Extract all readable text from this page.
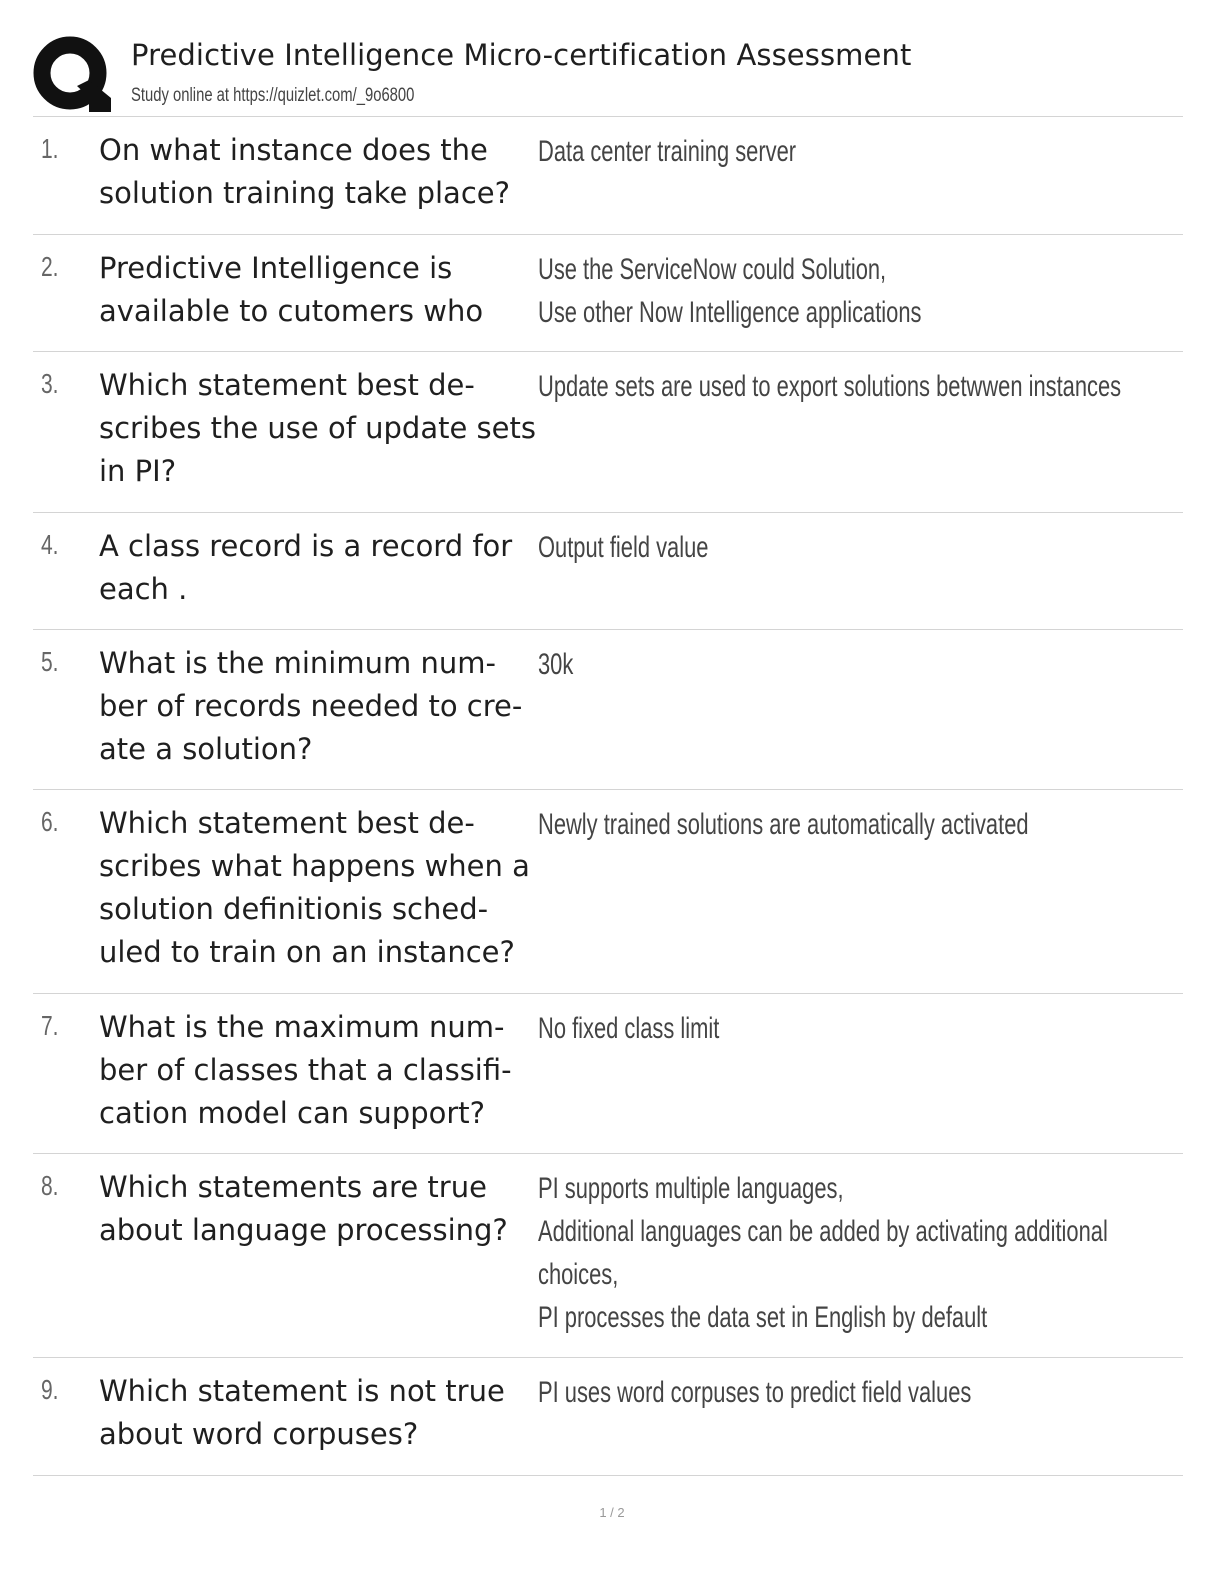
Predictive Intelligence Micro-certification Assessment
Study online at https://quizlet.com/_9o6800
1. On what instance does the solution training take place?
Data center training server
2. Predictive Intelligence is available to cutomers who
Use the ServiceNow could Solution,
Use other Now Intelligence applications
3. Which statement best de-scribes the use of update sets in PI?
Update sets are used to export solutions betwwen instances
4. A class record is a record for each .
Output field value
5. What is the minimum num-ber of records needed to cre-ate a solution?
30k
6. Which statement best de-scribes what happens when a solution definitionis sched-uled to train on an instance?
Newly trained solutions are automatically activated
7. What is the maximum num-ber of classes that a classifi-cation model can support?
No fixed class limit
8. Which statements are true about language processing?
PI supports multiple languages,
Additional languages can be added by activating additional
choices,
PI processes the data set in English by default
9. Which statement is not true about word corpuses?
PI uses word corpuses to predict field values
1 / 2
